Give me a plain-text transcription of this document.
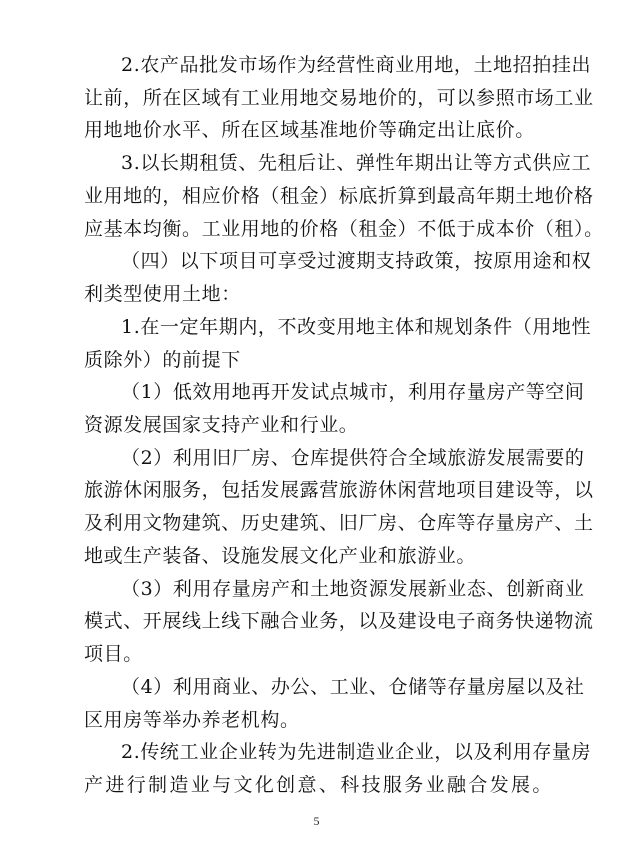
2.农产品批发市场作为经营性商业用地，土地招拍挂出
让前，所在区域有工业用地交易地价的，可以参照市场工业
用地地价水平、所在区域基准地价等确定出让底价。
3.以长期租赁、先租后让、弹性年期出让等方式供应工
业用地的，相应价格（租金）标底折算到最高年期土地价格
应基本均衡。工业用地的价格（租金）不低于成本价（租）。
（四）以下项目可享受过渡期支持政策，按原用途和权
利类型使用土地：
1.在一定年期内，不改变用地主体和规划条件（用地性
质除外）的前提下
（1）低效用地再开发试点城市，利用存量房产等空间
资源发展国家支持产业和行业。
（2）利用旧厂房、仓库提供符合全域旅游发展需要的
旅游休闲服务，包括发展露营旅游休闲营地项目建设等，以
及利用文物建筑、历史建筑、旧厂房、仓库等存量房产、土
地或生产装备、设施发展文化产业和旅游业。
（3）利用存量房产和土地资源发展新业态、创新商业
模式、开展线上线下融合业务，以及建设电子商务快递物流
项目。
（4）利用商业、办公、工业、仓储等存量房屋以及社
区用房等举办养老机构。
2.传统工业企业转为先进制造业企业，以及利用存量房
产进行制造业与文化创意、科技服务业融合发展。
5
